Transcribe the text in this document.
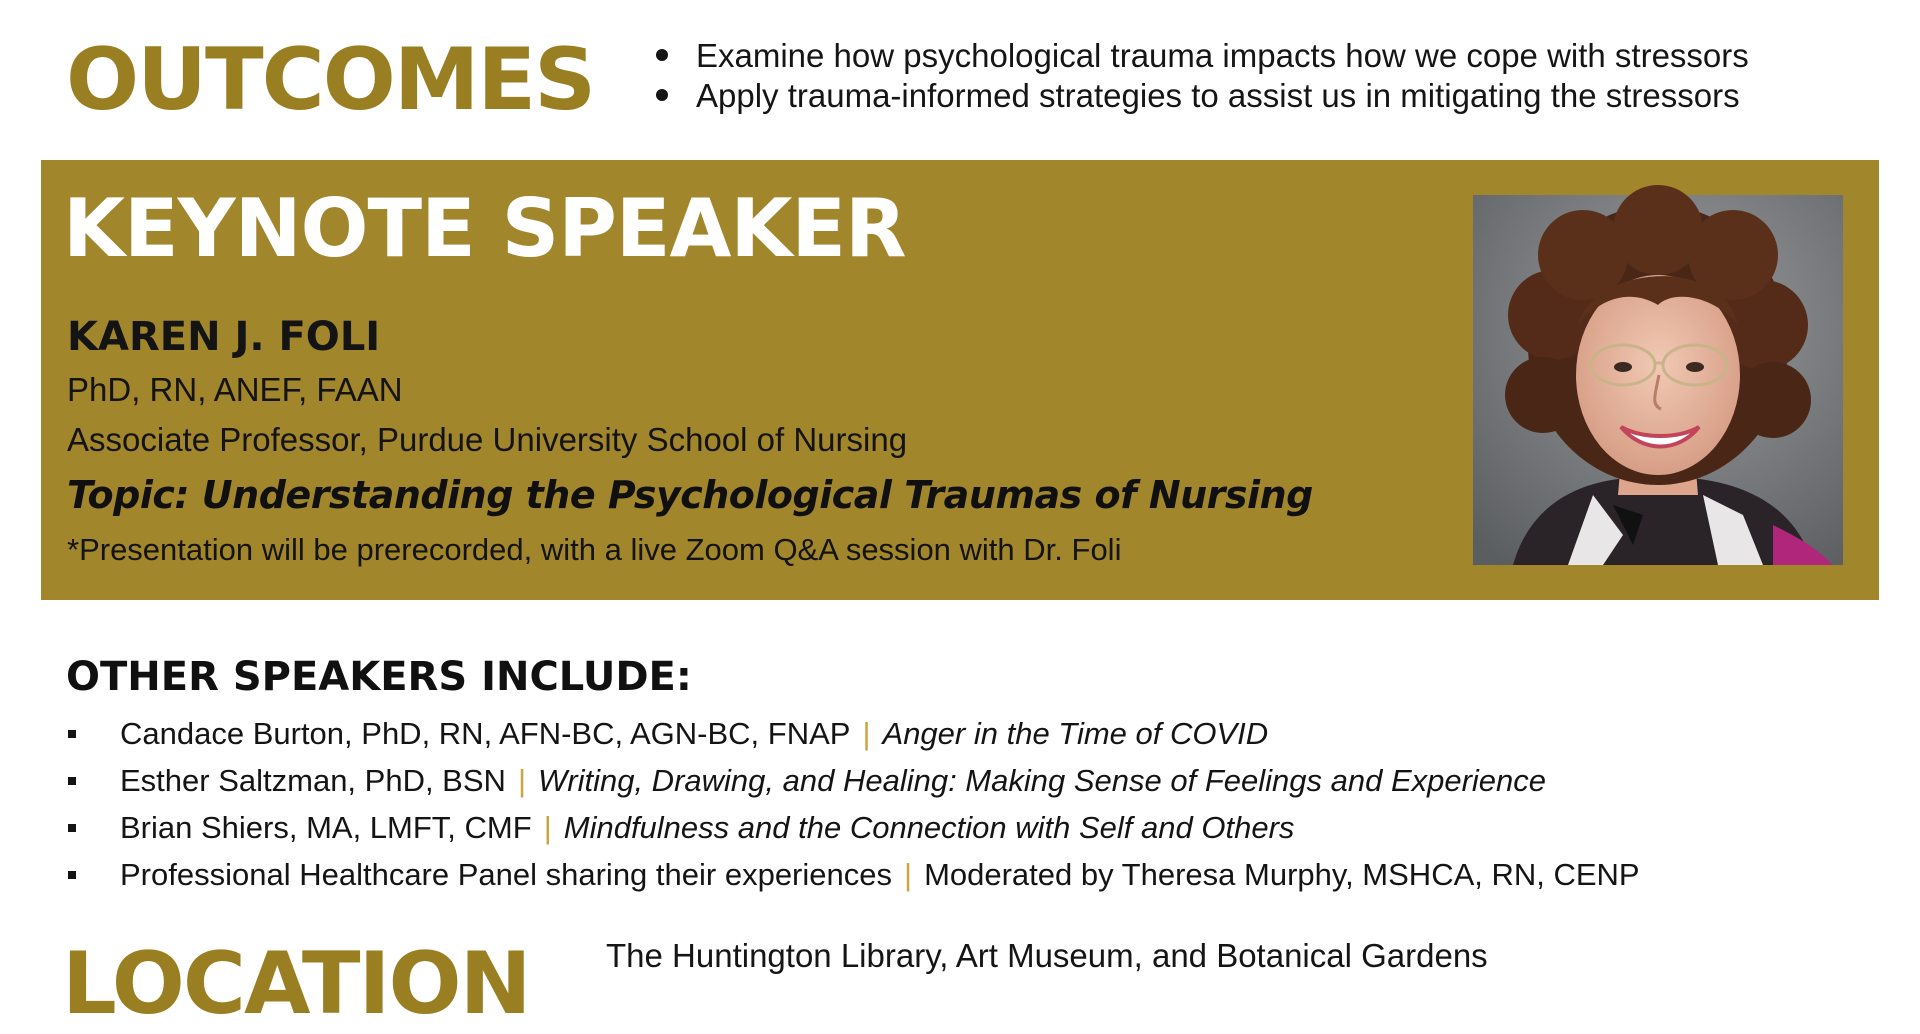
OUTCOMES	Examine how psychological trauma impacts how we cope with stressors
Apply trauma-informed strategies to assist us in mitigating the stressors
KEYNOTE SPEAKER
KAREN J. FOLI
PhD, RN, ANEF, FAAN
Associate Professor, Purdue University School of Nursing
Topic: Understanding the Psychological Traumas of Nursing
*Presentation will be prerecorded, with a live Zoom Q&A session with Dr. Foli
OTHER SPEAKERS INCLUDE:
Candace Burton, PhD, RN, AFN-BC, AGN-BC, FNAP | Anger in the Time of COVID
Esther Saltzman, PhD, BSN | Writing, Drawing, and Healing: Making Sense of Feelings and Experience
Brian Shiers, MA, LMFT, CMF | Mindfulness and the Connection with Self and Others
Professional Healthcare Panel sharing their experiences | Moderated by Theresa Murphy, MSHCA, RN, CENP
LOCATION The Huntington Library, Art Museum, and Botanical Gardens
